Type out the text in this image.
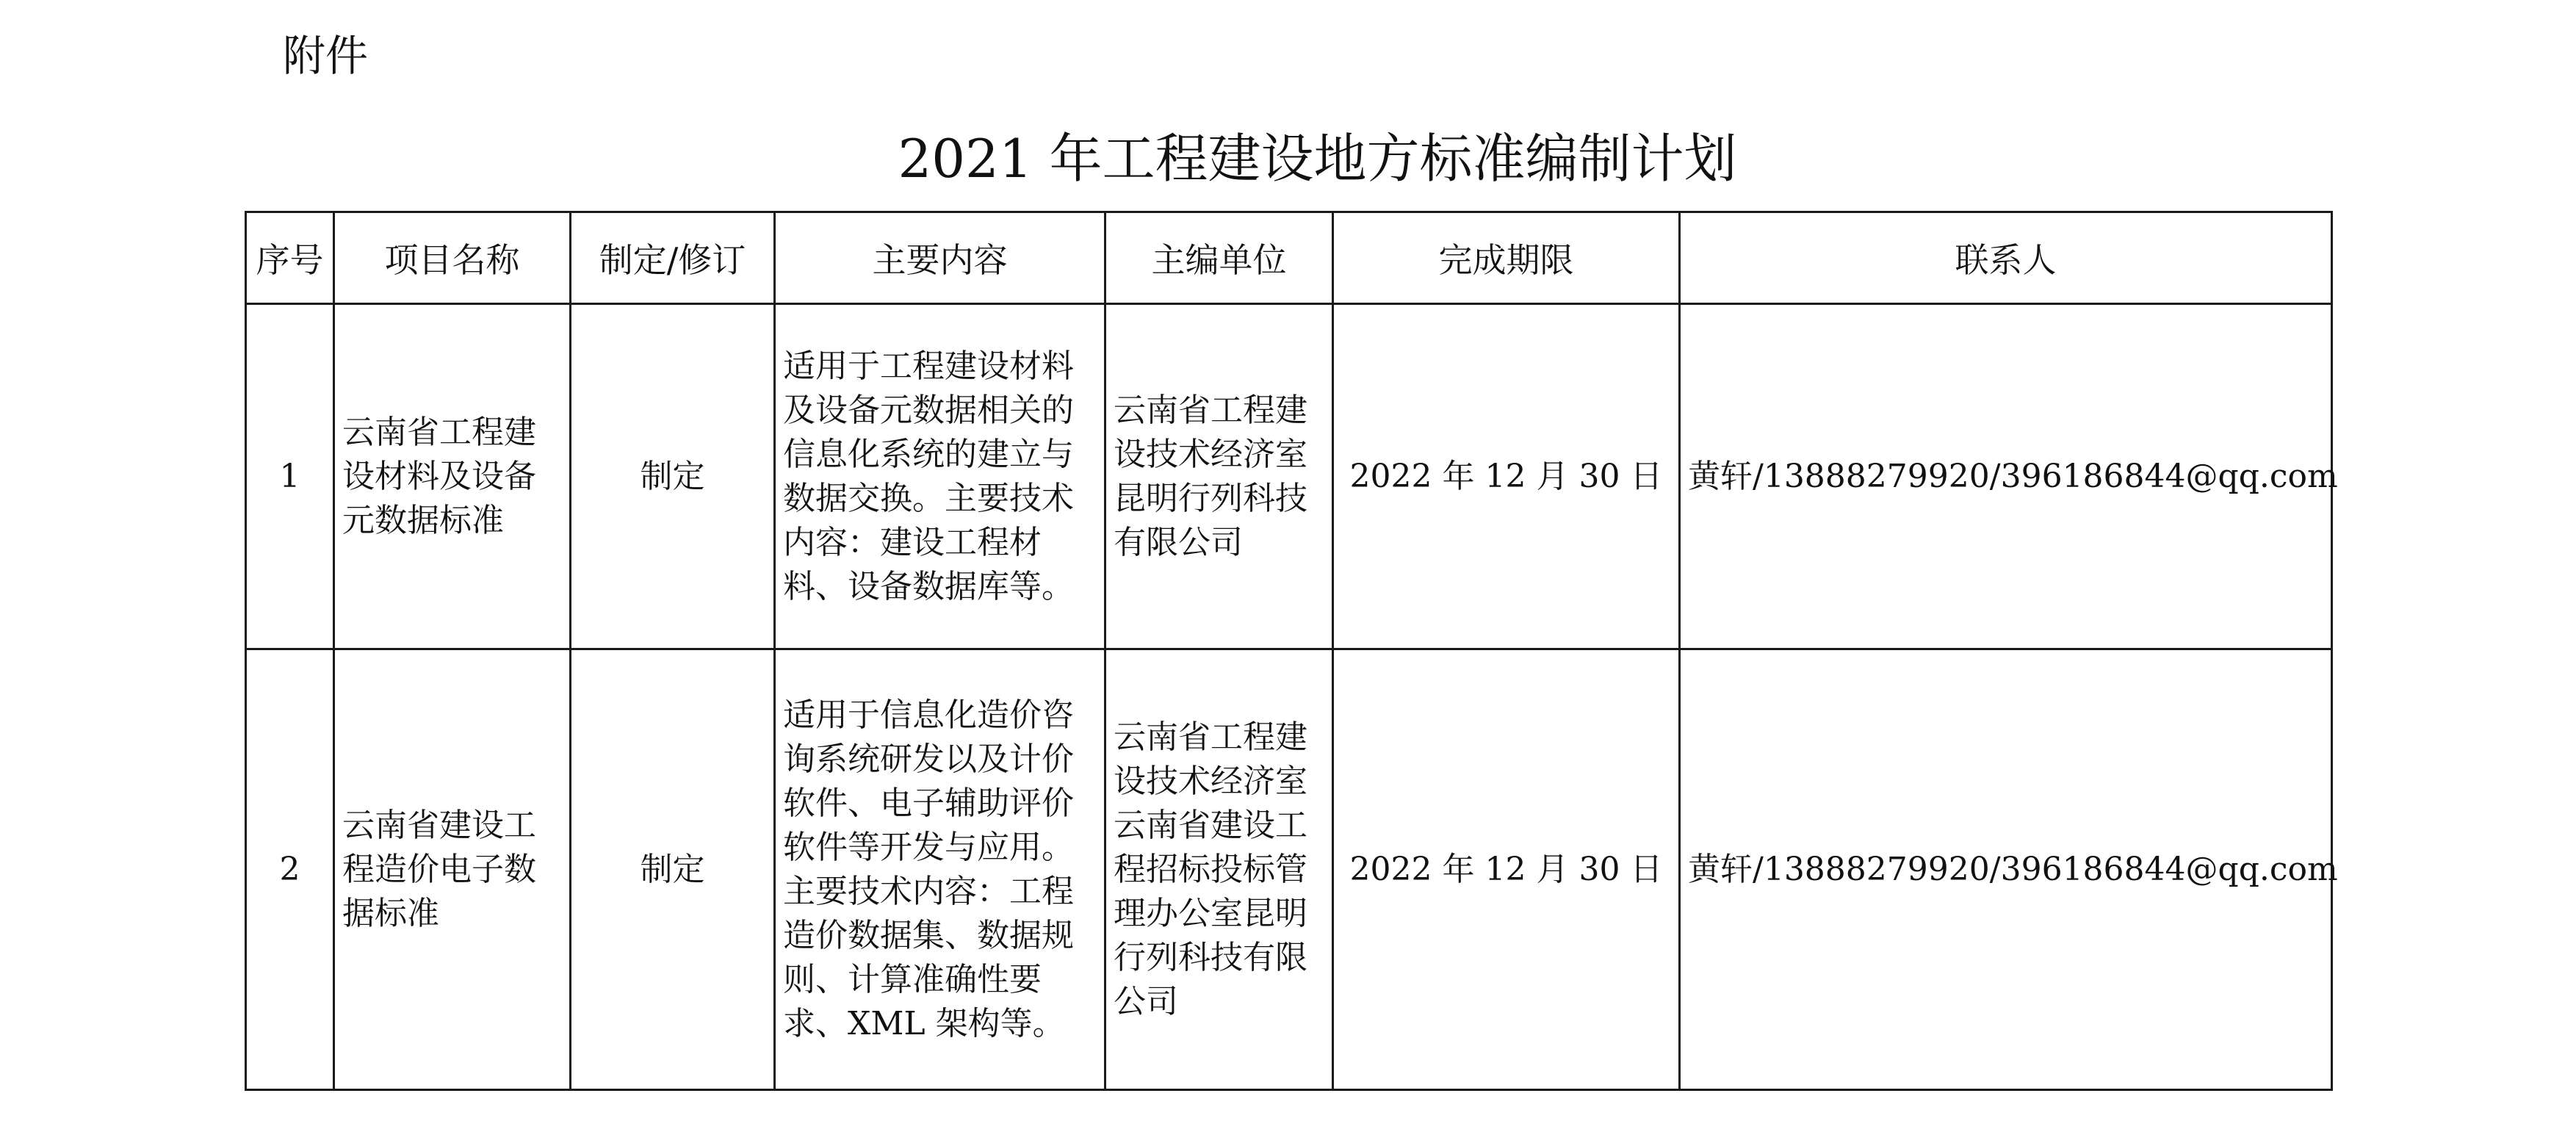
附件
2021 年工程建设地方标准编制计划
序号	项目名称	制定/修订	主要内容	主编单位	完成期限	联系人
1	云南省工程建设材料及设备元数据标准	制定	适用于工程建设材料及设备元数据相关的信息化系统的建立与数据交换。主要技术内容：建设工程材料、设备数据库等。	云南省工程建设技术经济室昆明行列科技有限公司	2022 年 12 月 30 日	黄轩/13888279920/396186844@qq.com
2	云南省建设工程造价电子数据标准	制定	适用于信息化造价咨询系统研发以及计价软件、电子辅助评价软件等开发与应用。主要技术内容：工程造价数据集、数据规则、计算准确性要求、XML 架构等。	云南省工程建设技术经济室云南省建设工程招标投标管理办公室昆明行列科技有限公司	2022 年 12 月 30 日	黄轩/13888279920/396186844@qq.com
